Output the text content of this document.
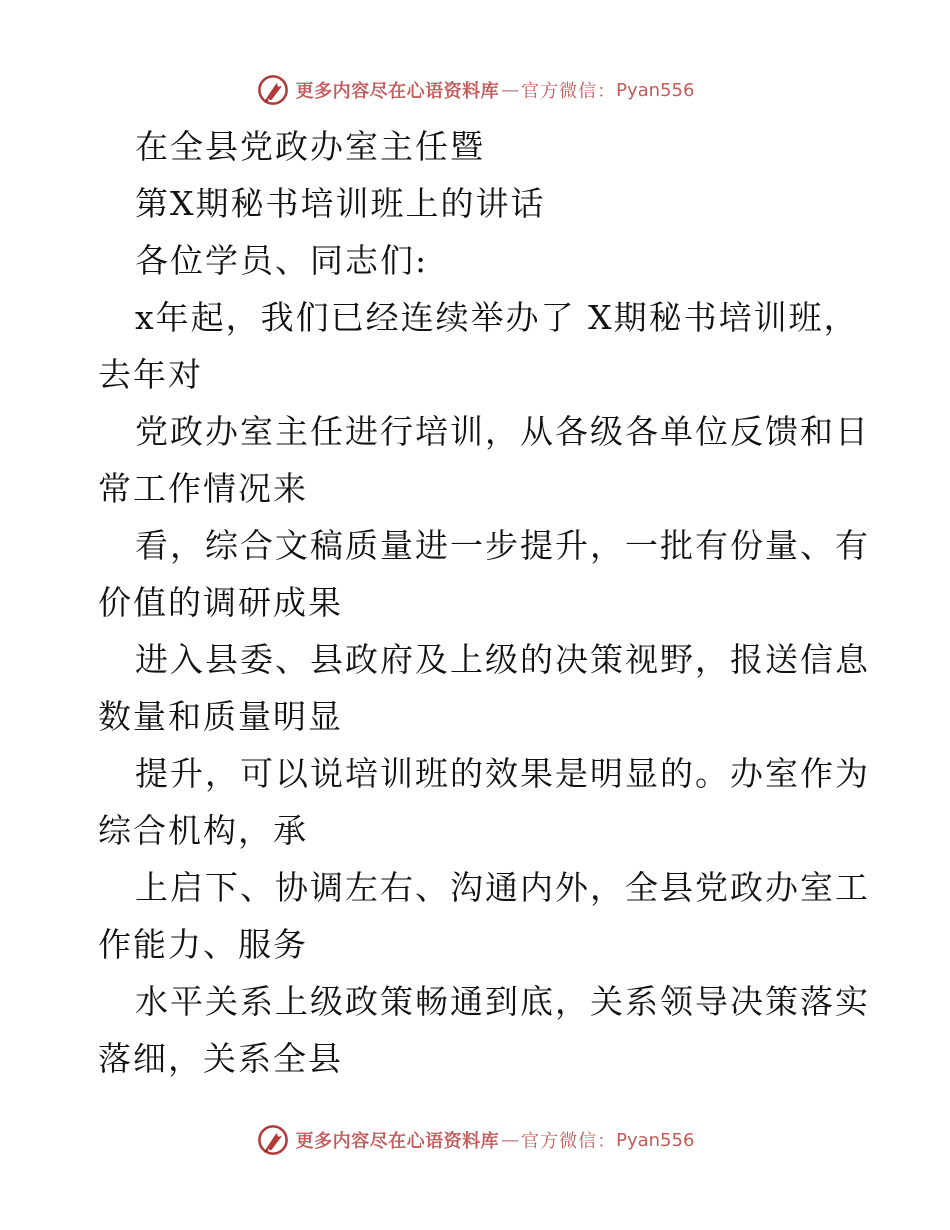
更多内容尽在心语资料库 — 官方微信： Pyan556
在全县党政办室主任暨
第X期秘书培训班上的讲话
各位学员、同志们:
x年起，我们已经连续举办了 X期秘书培训班，
去年对
党政办室主任进行培训，从各级各单位反馈和日
常工作情况来
看，综合文稿质量进一步提升，一批有份量、有
价值的调研成果
进入县委、县政府及上级的决策视野，报送信息
数量和质量明显
提升，可以说培训班的效果是明显的。办室作为
综合机构，承
上启下、协调左右、沟通内外，全县党政办室工
作能力、服务
水平关系上级政策畅通到底，关系领导决策落实
落细，关系全县
更多内容尽在心语资料库 — 官方微信： Pyan556
